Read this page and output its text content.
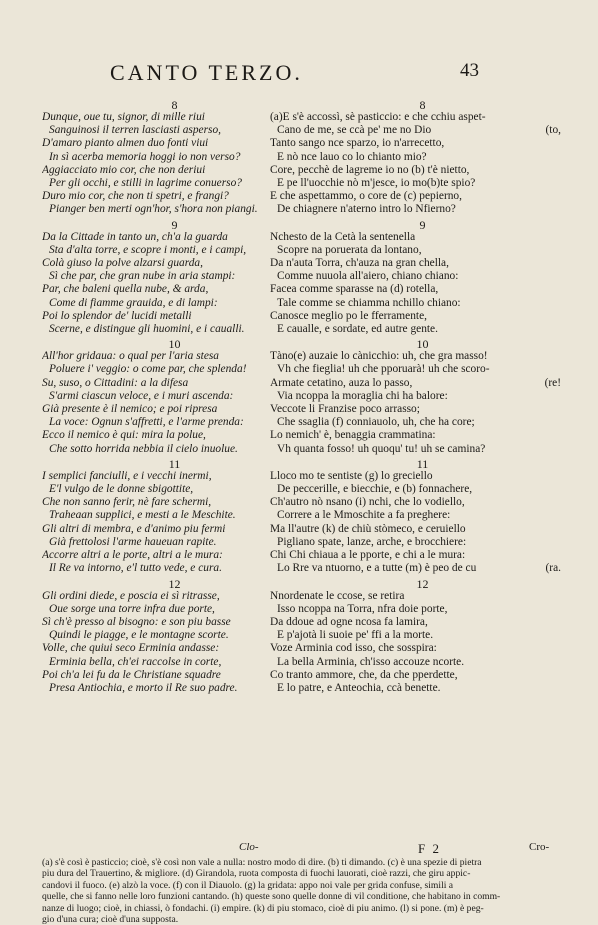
CANTO TERZO.	43
8
Dunque, oue tu, signor, di mille riui
Sanguinosi il terren lasciasti asperso,
D'amaro pianto almen duo fonti viui
In sì acerba memoria hoggi io non verso?
Aggiacciato mio cor, che non deriui
Per gli occhi, e stilli in lagrime conuerso?
Duro mio cor, che non ti spetri, e frangi?
Pianger ben merti ogn'hor, s'hora non piangi.
9
Da la Cittade in tanto un, ch'a la guarda
Sta d'alta torre, e scopre i monti, e i campi,
Colà giuso la polve alzarsi guarda,
Sì che par, che gran nube in aria stampi:
Par, che baleni quella nube, & arda,
Come di fiamme grauida, e di lampi:
Poi lo splendor de' lucidi metalli
Scerne, e distingue gli huomini, e i caualli.
10
All'hor gridaua: o qual per l'aria stesa
Poluere i' veggio: o come par, che splenda!
Su, suso, o Cittadini: a la difesa
S'armi ciascun veloce, e i muri ascenda:
Già presente è il nemico; e poi ripresa
La voce: Ognun s'affretti, e l'arme prenda:
Ecco il nemico è qui: mira la polue,
Che sotto horrida nebbia il cielo inuolue.
11
I semplici fanciulli, e i vecchi inermi,
E'l vulgo de le donne sbigottite,
Che non sanno ferir, nè fare schermi,
Traheaan supplici, e mesti a le Meschite.
Gli altri di membra, e d'animo piu fermi
Già frettolosi l'arme haueuan rapite.
Accorre altri a le porte, altri a le mura:
Il Re va intorno, e'l tutto vede, e cura.
12
Gli ordini diede, e poscia ei sì ritrasse,
Oue sorge una torre infra due porte,
Sì ch'è presso al bisogno: e son piu basse
Quindi le piagge, e le montagne scorte.
Volle, che quiui seco Erminia andasse:
Erminia bella, ch'ei raccolse in corte,
Poi ch'a lei fu da le Christiane squadre
Presa Antiochia, e morto il Re suo padre.
8
(a)E s'è accossì, sè pasticcio: e che cchiu aspet-
(to,
Cano de me, se ccà pe' me no Dio
Tanto sango nce sparzo, io n'arrecetto,
E nò nce lauo co lo chianto mio?
Core, pecchè de lagreme io no (b) t'è nietto,
E pe ll'uocchie nò m'jesce, io mo(b)te spio?
E che aspettammo, o core de (c) pepierno,
De chiagnere n'aterno intro lo Nfierno?
9
Nchesto de la Cetà la sentenella
Scopre na poruerata da lontano,
Da n'auta Torra, ch'auza na gran chella,
Comme nuuola all'aiero, chiano chiano:
Facea comme sparasse na (d) rotella,
Tale comme se chiamma nchillo chiano:
Canosce meglio po le fferramente,
E caualle, e sordate, ed autre gente.
10
Tàno(e) auzaie lo cànicchio: uh, che gra masso!
Vh che fieglia! uh che pporuarà! uh che scoro-
(re!
Armate cetatino, auza lo passo,
Via ncoppa la moraglia chi ha balore:
Veccote li Franzise poco arrasso;
Che ssaglia (f) conniauolo, uh, che ha core;
Lo nemich' è, benaggia crammatina:
Vh quanta fosso! uh quoqu' tu! uh se camina?
11
Lloco mo te sentiste (g) lo greciello
De peccerille, e biecchie, e (b) fonnachere,
Ch'autro nò nsano (i) nchi, che lo vodiello,
Correre a le Mmoschite a fa preghere:
Ma ll'autre (k) de chiù stòmeco, e ceruiello
Pigliano spate, lanze, arche, e brocchiere:
Chi Chi chiaua a le pporte, e chi a le mura:
(ra.
Lo Rre va ntuorno, e a tutte (m) è peo de cu
12
Nnordenate le ccose, se retira
Isso ncoppa na Torra, nfra doie porte,
Da ddoue ad ogne ncosa fa lamira,
E p'ajotà li suoie pe' ffi a la morte.
Voze Arminia cod isso, che sosspira:
La bella Arminia, ch'isso accouze ncorte.
Co tranto ammore, che, da che pperdette,
E lo patre, e Anteochia, ccà benette.
Clo-	F 2	Cro-
(a) s'è così è pasticcio; cioè, s'è così non vale a nulla: nostro modo di dire. (b) ti dimando. (c) è una spezie di pietra
piu dura del Trauertino, & migliore. (d) Girandola, ruota composta di fuochi lauorati, cioè razzi, che giru appic-
candovi il fuoco. (e) alzò la voce. (f) con il Diauolo. (g) la gridata: appo noi vale per grida confuse, simili a
quelle, che si fanno nelle loro funzioni cantando. (h) queste sono quelle donne di vil conditione, che habitano in comm-
nanze di luogo; cioè, in chiassi, ò fondachi. (i) empire. (k) di piu stomaco, cioè di piu animo. (l) si pone. (m) è peg-
gio d'una cura; cioè d'una supposta.
